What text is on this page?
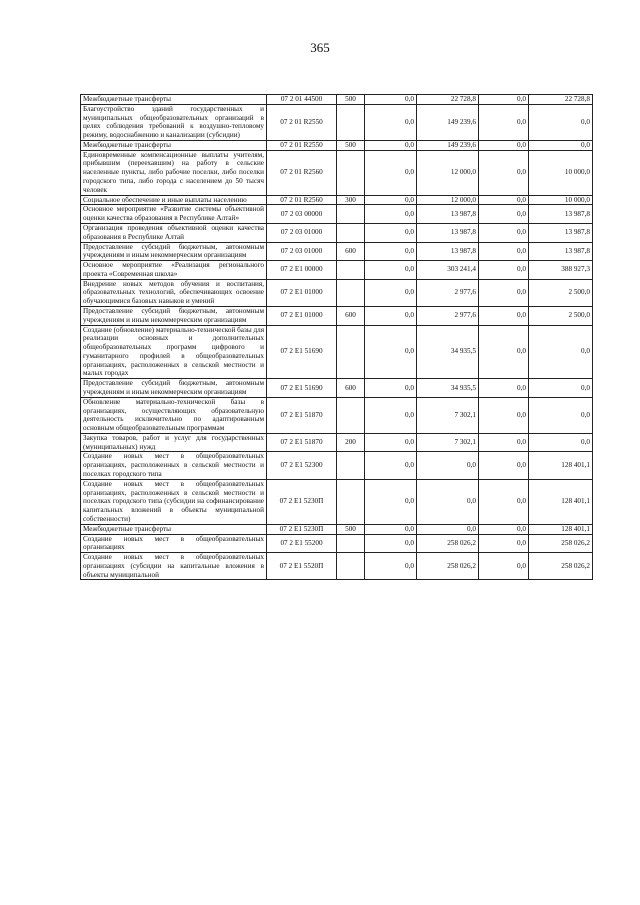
365
Межбюджетные трансферты	07 2 01 44500	500	0,0	22 728,8	0,0	22 728,8
Благоустройство зданий государственных и муниципальных общеобразовательных организаций в целях соблюдения требований к воздушно-тепловому режиму, водоснабжению и канализации (субсидии)	07 2 01 R2550		0,0	149 239,6	0,0	0,0
Межбюджетные трансферты	07 2 01 R2550	500	0,0	149 239,6	0,0	0,0
Единовременные компенсационные выплаты учителям, прибывшим (переехавшим) на работу в сельские населенные пункты, либо рабочие поселки, либо поселки городского типа, либо города с населением до 50 тысяч человек	07 2 01 R2560		0,0	12 000,0	0,0	10 000,0
Социальное обеспечение и иные выплаты населению	07 2 01 R2560	300	0,0	12 000,0	0,0	10 000,0
Основное мероприятие «Развитие системы объективной оценки качества образования в Республике Алтай»	07 2 03 00000		0,0	13 987,8	0,0	13 987,8
Организация проведения объективной оценки качества образования в Республике Алтай	07 2 03 01000		0,0	13 987,8	0,0	13 987,8
Предоставление субсидий бюджетным, автономным учреждениям и иным некоммерческим организациям	07 2 03 01000	600	0,0	13 987,8	0,0	13 987,8
Основное мероприятие «Реализация регионального проекта «Современная школа»	07 2 E1 00000		0,0	303 241,4	0,0	388 927,3
Внедрение новых методов обучения и воспитания, образовательных технологий, обеспечивающих освоение обучающимися базовых навыков и умений	07 2 E1 01000		0,0	2 977,6	0,0	2 500,0
Предоставление субсидий бюджетным, автономным учреждениям и иным некоммерческим организациям	07 2 E1 01000	600	0,0	2 977,6	0,0	2 500,0
Создание (обновление) материально-технической базы для реализации основных и дополнительных общеобразовательных программ цифрового и гуманитарного профилей в общеобразовательных организациях, расположенных в сельской местности и малых городах	07 2 E1 51690		0,0	34 935,5	0,0	0,0
Предоставление субсидий бюджетным, автономным учреждениям и иным некоммерческим организациям	07 2 E1 51690	600	0,0	34 935,5	0,0	0,0
Обновление материально-технической базы в организациях, осуществляющих образовательную деятельность исключительно по адаптированным основным общеобразовательным программам	07 2 E1 51870		0,0	7 302,1	0,0	0,0
Закупка товаров, работ и услуг для государственных (муниципальных) нужд	07 2 E1 51870	200	0,0	7 302,1	0,0	0,0
Создание новых мест в общеобразовательных организациях, расположенных в сельской местности и поселках городского типа	07 2 E1 52300		0,0	0,0	0,0	128 401,1
Создание новых мест в общеобразовательных организациях, расположенных в сельской местности и поселках городского типа (субсидии на софинансирование капитальных вложений в объекты муниципальной собственности)	07 2 E1 5230П		0,0	0,0	0,0	128 401,1
Межбюджетные трансферты	07 2 E1 5230П	500	0,0	0,0	0,0	128 401,1
Создание новых мест в общеобразовательных организациях	07 2 E1 55200		0,0	258 026,2	0,0	258 026,2
Создание новых мест в общеобразовательных организациях (субсидии на капитальные вложения в объекты муниципальной	07 2 E1 5520П		0,0	258 026,2	0,0	258 026,2
